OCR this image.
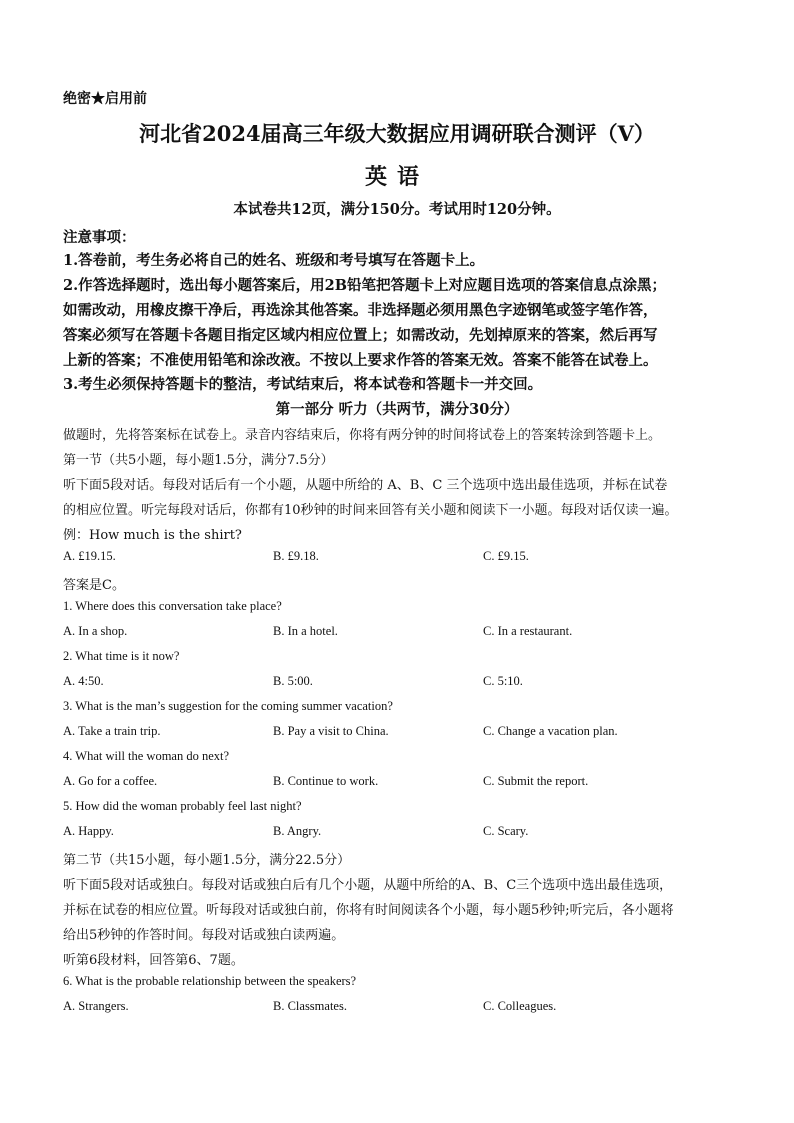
绝密★启用前
河北省2024届高三年级大数据应用调研联合测评（V）
英语
本试卷共12页，满分150分。考试用时120分钟。
注意事项：
1.答卷前，考生务必将自己的姓名、班级和考号填写在答题卡上。
2.作答选择题时，选出每小题答案后，用2B铅笔把答题卡上对应题目选项的答案信息点涂黑；
如需改动，用橡皮擦干净后，再选涂其他答案。非选择题必须用黑色字迹钢笔或签字笔作答，
答案必须写在答题卡各题目指定区域内相应位置上；如需改动，先划掉原来的答案，然后再写
上新的答案；不准使用铅笔和涂改液。不按以上要求作答的答案无效。答案不能答在试卷上。
3.考生必须保持答题卡的整洁，考试结束后，将本试卷和答题卡一并交回。
第一部分 听力（共两节，满分30分）
做题时，先将答案标在试卷上。录音内容结束后，你将有两分钟的时间将试卷上的答案转涂到答题卡上。
第一节（共5小题，每小题1.5分，满分7.5分）
听下面5段对话。每段对话后有一个小题，从题中所给的 A、B、C 三个选项中选出最佳选项，并标在试卷
的相应位置。听完每段对话后，你都有10秒钟的时间来回答有关小题和阅读下一小题。每段对话仅读一遍。
例：How much is the shirt?
A. £19.15.	B. £9.18.	C. £9.15.
答案是C。
1. Where does this conversation take place?
A. In a shop.	B. In a hotel.	C. In a restaurant.
2. What time is it now?
A. 4:50.	B. 5:00.	C. 5:10.
3. What is the man’s suggestion for the coming summer vacation?
A. Take a train trip.	B. Pay a visit to China.	C. Change a vacation plan.
4. What will the woman do next?
A. Go for a coffee.	B. Continue to work.	C. Submit the report.
5. How did the woman probably feel last night?
A. Happy.	B. Angry.	C. Scary.
第二节（共15小题，每小题1.5分，满分22.5分）
听下面5段对话或独白。每段对话或独白后有几个小题，从题中所给的A、B、C三个选项中选出最佳选项，
并标在试卷的相应位置。听每段对话或独白前，你将有时间阅读各个小题，每小题5秒钟;听完后，各小题将
给出5秒钟的作答时间。每段对话或独白读两遍。
听第6段材料，回答第6、7题。
6. What is the probable relationship between the speakers?
A. Strangers.	B. Classmates.	C. Colleagues.
